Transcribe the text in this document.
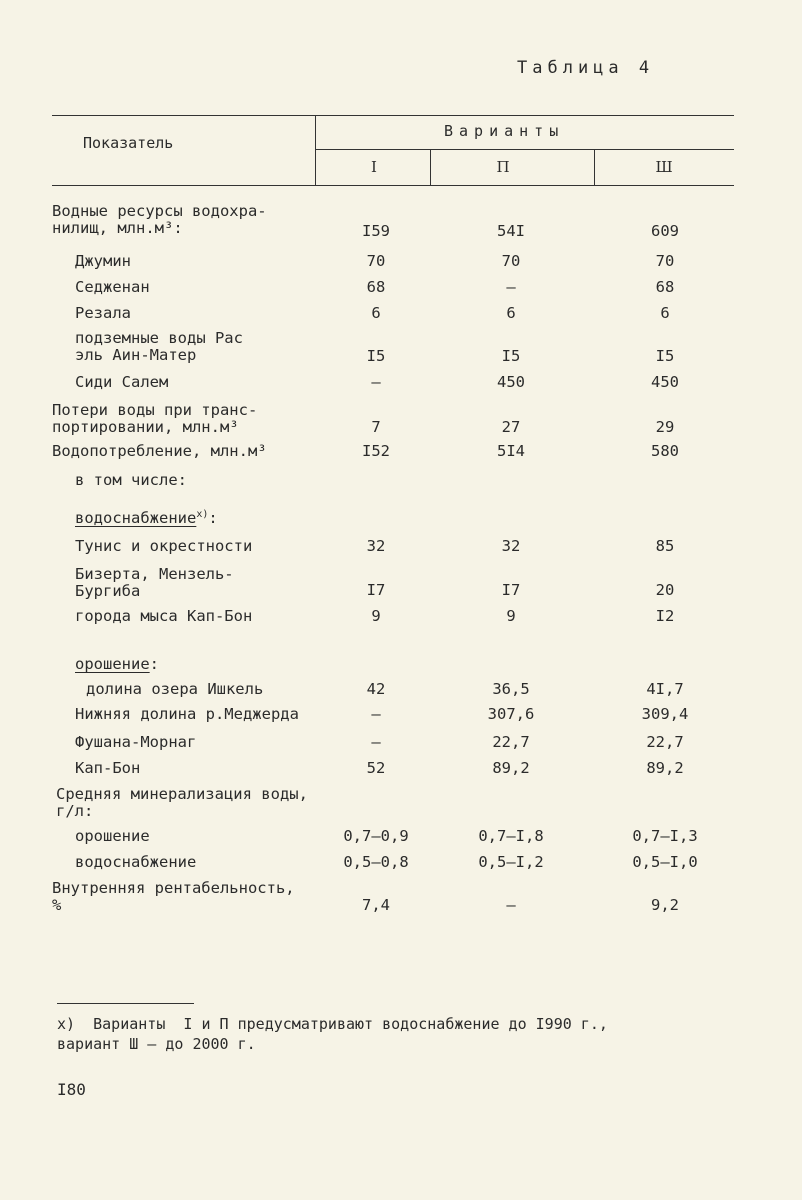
Таблица 4
Показатель
Варианты
I	П	Ш
Водные ресурсы водохра-
нилищ, млн.м³:	I59	54I	609
Джумин	70	70	70
Седженан	68	–	68
Резала	6	6	6
подземные воды Рас
эль Аин-Матер	I5	I5	I5
Сиди Салем	–	450	450
Потери воды при транс-
портировании, млн.м³	7	27	29
Водопотребление, млн.м³	I52	5I4	580
в том числе:
водоснабжение$^{х)}$:
Тунис и окрестности	32	32	85
Бизерта, Мензель-
Бургиба	I7	I7	20
города мыса Кап-Бон	9	9	I2
орошение:
долина озера Ишкель	42	36,5	4I,7
Нижняя долина р.Меджерда	–	307,6	309,4
Фушана-Морнаг	–	22,7	22,7
Кап-Бон	52	89,2	89,2
Средняя минерализация воды,
г/л:
орошение	0,7–0,9	0,7–I,8	0,7–I,3
водоснабжение	0,5–0,8	0,5–I,2	0,5–I,0
Внутренняя рентабельность,
%	7,4	–	9,2
х)  Варианты  I и П предусматривают водоснабжение до I990 г.,
вариант Ш – до 2000 г.
I80
